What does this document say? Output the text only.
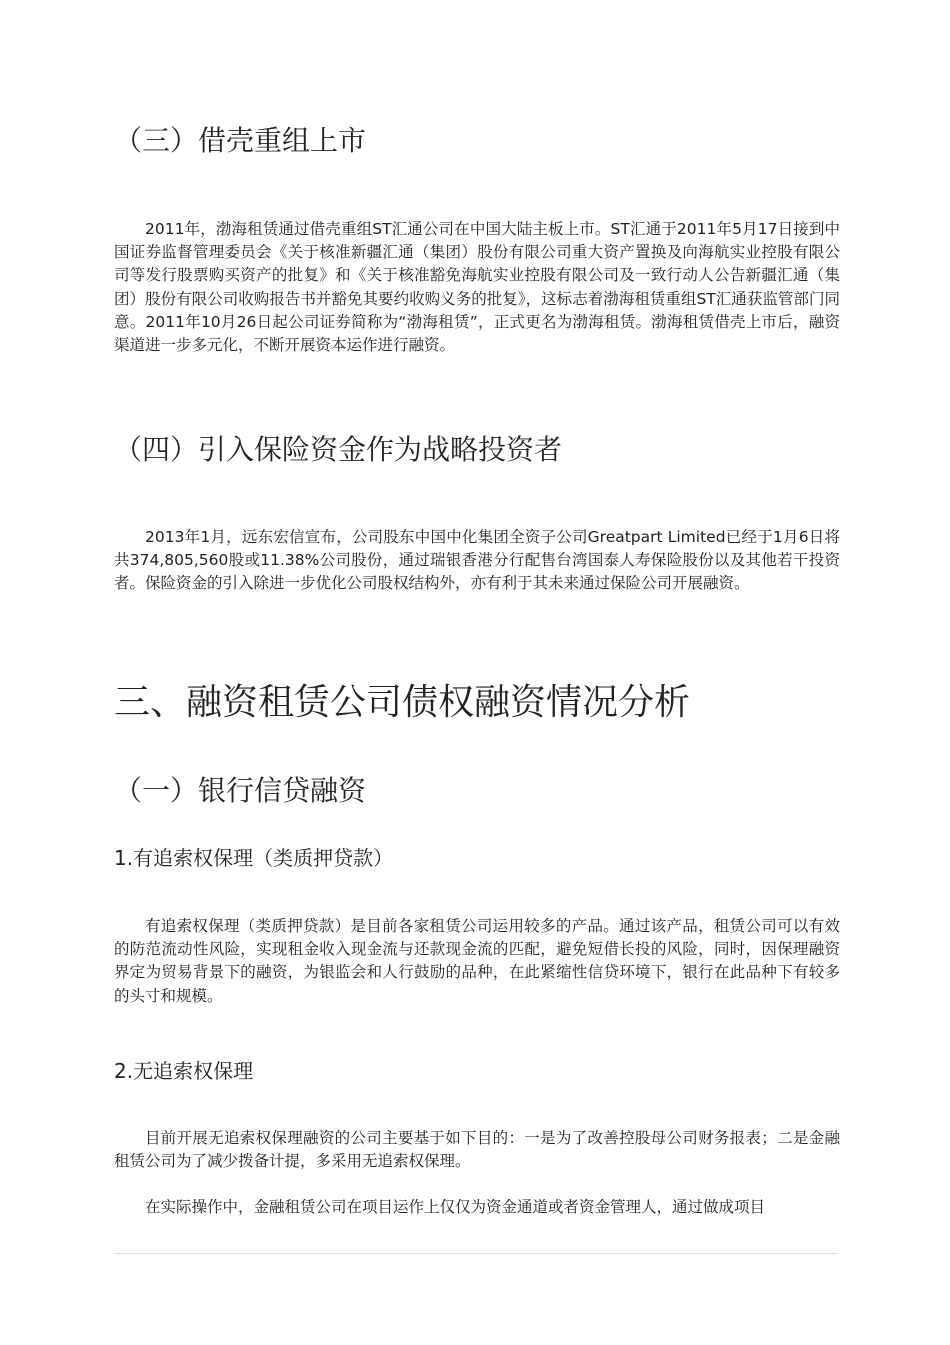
（三）借壳重组上市

2011年，渤海租赁通过借壳重组ST汇通公司在中国大陆主板上市。ST汇通于2011年5月17日接到中国证券监督管理委员会《关于核准新疆汇通（集团）股份有限公司重大资产置换及向海航实业控股有限公司等发行股票购买资产的批复》和《关于核准豁免海航实业控股有限公司及一致行动人公告新疆汇通（集团）股份有限公司收购报告书并豁免其要约收购义务的批复》，这标志着渤海租赁重组ST汇通获监管部门同意。2011年10月26日起公司证券简称为“渤海租赁”，正式更名为渤海租赁。渤海租赁借壳上市后，融资渠道进一步多元化，不断开展资本运作进行融资。

（四）引入保险资金作为战略投资者

2013年1月，远东宏信宣布，公司股东中国中化集团全资子公司Greatpart Limited已经于1月6日将共374,805,560股或11.38%公司股份，通过瑞银香港分行配售台湾国泰人寿保险股份以及其他若干投资者。保险资金的引入除进一步优化公司股权结构外，亦有利于其未来通过保险公司开展融资。

三、融资租赁公司债权融资情况分析
（一）银行信贷融资
1.有追索权保理（类质押贷款）

有追索权保理（类质押贷款）是目前各家租赁公司运用较多的产品。通过该产品，租赁公司可以有效的防范流动性风险，实现租金收入现金流与还款现金流的匹配，避免短借长投的风险，同时，因保理融资界定为贸易背景下的融资，为银监会和人行鼓励的品种，在此紧缩性信贷环境下，银行在此品种下有较多的头寸和规模。

2.无追索权保理

目前开展无追索权保理融资的公司主要基于如下目的：一是为了改善控股母公司财务报表；二是金融租赁公司为了减少拨备计提，多采用无追索权保理。

在实际操作中，金融租赁公司在项目运作上仅仅为资金通道或者资金管理人，通过做成项目
